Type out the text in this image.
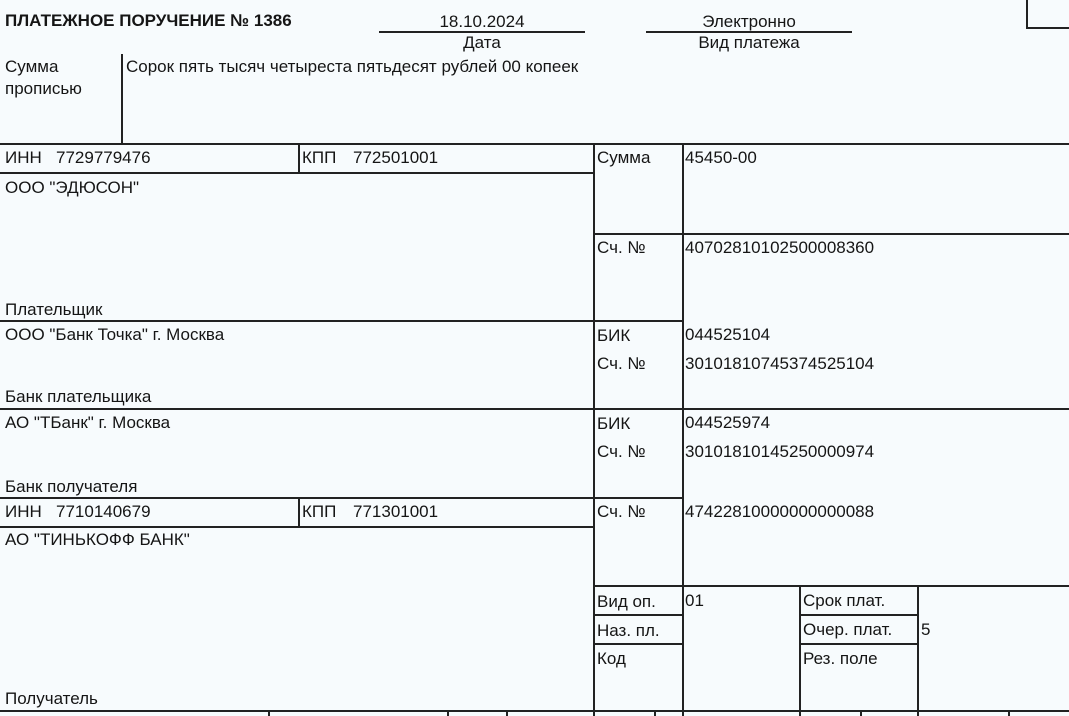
ПЛАТЕЖНОЕ ПОРУЧЕНИЕ № 1386	18.10.2024
Дата
Электронно
Вид платежа
Сумма
прописью
Сорок пять тысяч четыреста пятьдесят рублей 00 копеек
ИНН 7729779476	КПП 772501001
ООО "ЭДЮСОН"
Плательщик
Сумма 45450-00
Сч. № 40702810102500008360
ООО "Банк Точка" г. Москва
Банк плательщика
БИК	044525104
Сч. № 30101810745374525104
АО "ТБанк" г. Москва
Банк получателя
БИК	044525974
Сч. № 30101810145250000974
ИНН 7710140679	КПП 771301001
АО "ТИНЬКОФФ БАНК"
Получатель
Сч. № 47422810000000000088
Вид оп. 01
Наз. пл.
Код
Срок плат.
Очер. плат. 5
Рез. поле
